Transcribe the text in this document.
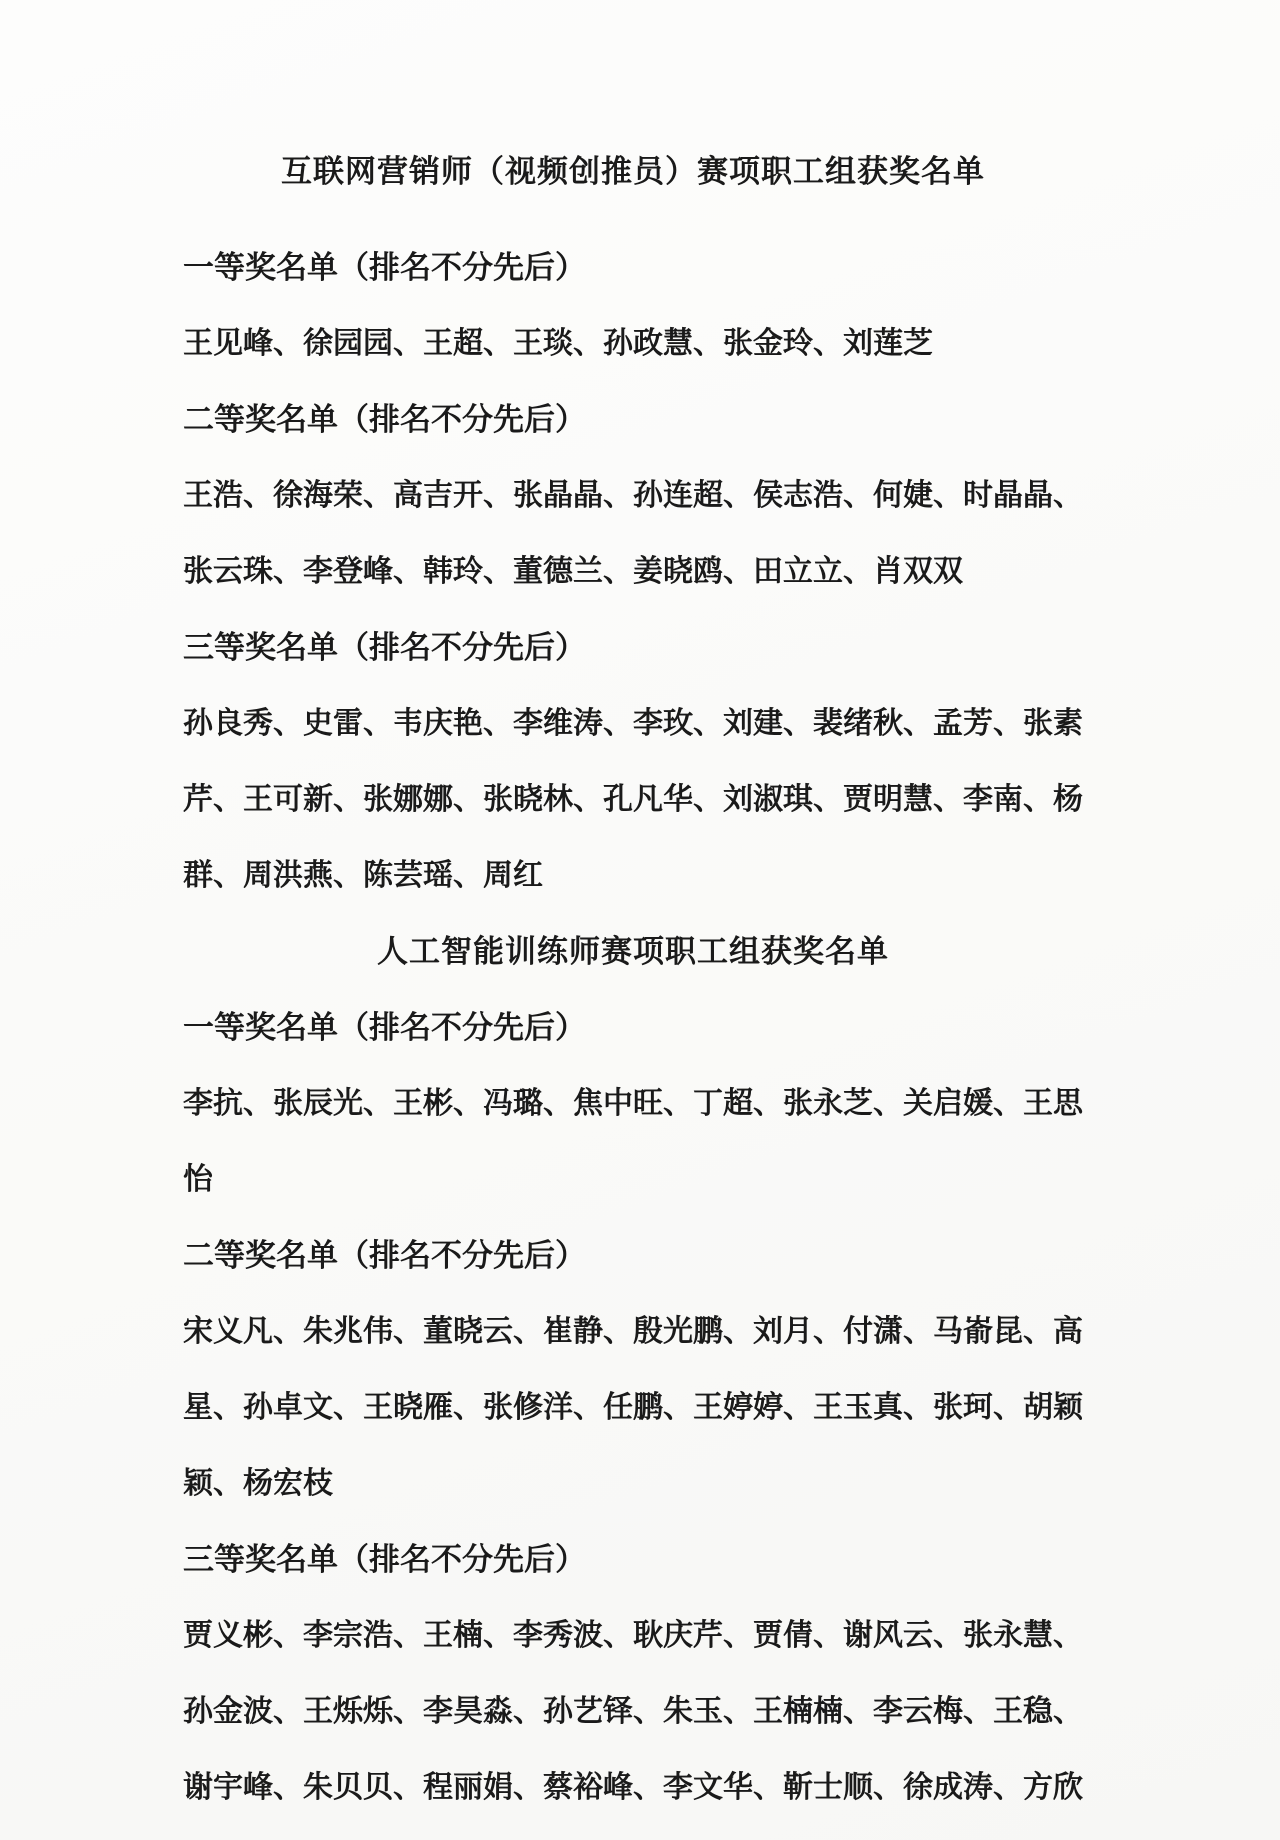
互联网营销师（视频创推员）赛项职工组获奖名单
一等奖名单（排名不分先后）

王见峰、徐园园、王超、王琰、孙政慧、张金玲、刘莲芝

二等奖名单（排名不分先后）

王浩、徐海荣、高吉开、张晶晶、孙连超、侯志浩、何婕、时晶晶、张云珠、李登峰、韩玲、董德兰、姜晓鸥、田立立、肖双双

三等奖名单（排名不分先后）

孙良秀、史雷、韦庆艳、李维涛、李玫、刘建、裴绪秋、孟芳、张素芹、王可新、张娜娜、张晓林、孔凡华、刘淑琪、贾明慧、李南、杨群、周洪燕、陈芸瑶、周红

人工智能训练师赛项职工组获奖名单
一等奖名单（排名不分先后）

李抗、张辰光、王彬、冯璐、焦中旺、丁超、张永芝、关启媛、王思怡

二等奖名单（排名不分先后）

宋义凡、朱兆伟、董晓云、崔静、殷光鹏、刘月、付潇、马嵛昆、高星、孙卓文、王晓雁、张修洋、任鹏、王婷婷、王玉真、张珂、胡颖颖、杨宏枝

三等奖名单（排名不分先后）

贾义彬、李宗浩、王楠、李秀波、耿庆芹、贾倩、谢风云、张永慧、孙金波、王烁烁、李昊淼、孙艺铎、朱玉、王楠楠、李云梅、王稳、谢宇峰、朱贝贝、程丽娟、蔡裕峰、李文华、靳士顺、徐成涛、方欣
